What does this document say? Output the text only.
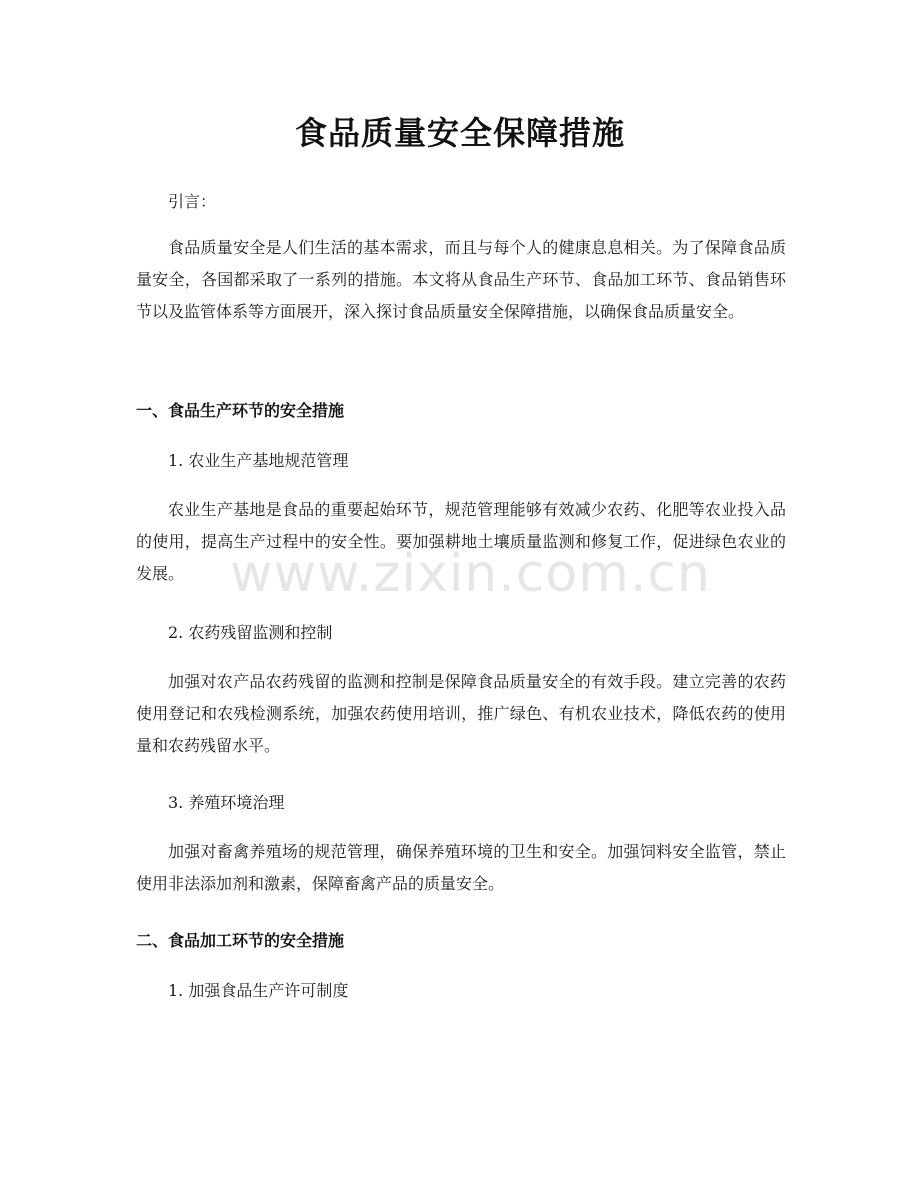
食品质量安全保障措施
引言：
食品质量安全是人们生活的基本需求，而且与每个人的健康息息相关。为了保障食品质量安全，各国都采取了一系列的措施。本文将从食品生产环节、食品加工环节、食品销售环节以及监管体系等方面展开，深入探讨食品质量安全保障措施，以确保食品质量安全。
一、食品生产环节的安全措施
1. 农业生产基地规范管理
农业生产基地是食品的重要起始环节，规范管理能够有效减少农药、化肥等农业投入品的使用，提高生产过程中的安全性。要加强耕地土壤质量监测和修复工作，促进绿色农业的发展。
2. 农药残留监测和控制
加强对农产品农药残留的监测和控制是保障食品质量安全的有效手段。建立完善的农药使用登记和农残检测系统，加强农药使用培训，推广绿色、有机农业技术，降低农药的使用量和农药残留水平。
3. 养殖环境治理
加强对畜禽养殖场的规范管理，确保养殖环境的卫生和安全。加强饲料安全监管，禁止使用非法添加剂和激素，保障畜禽产品的质量安全。
二、食品加工环节的安全措施
1. 加强食品生产许可制度
www.zixin.com.cn
